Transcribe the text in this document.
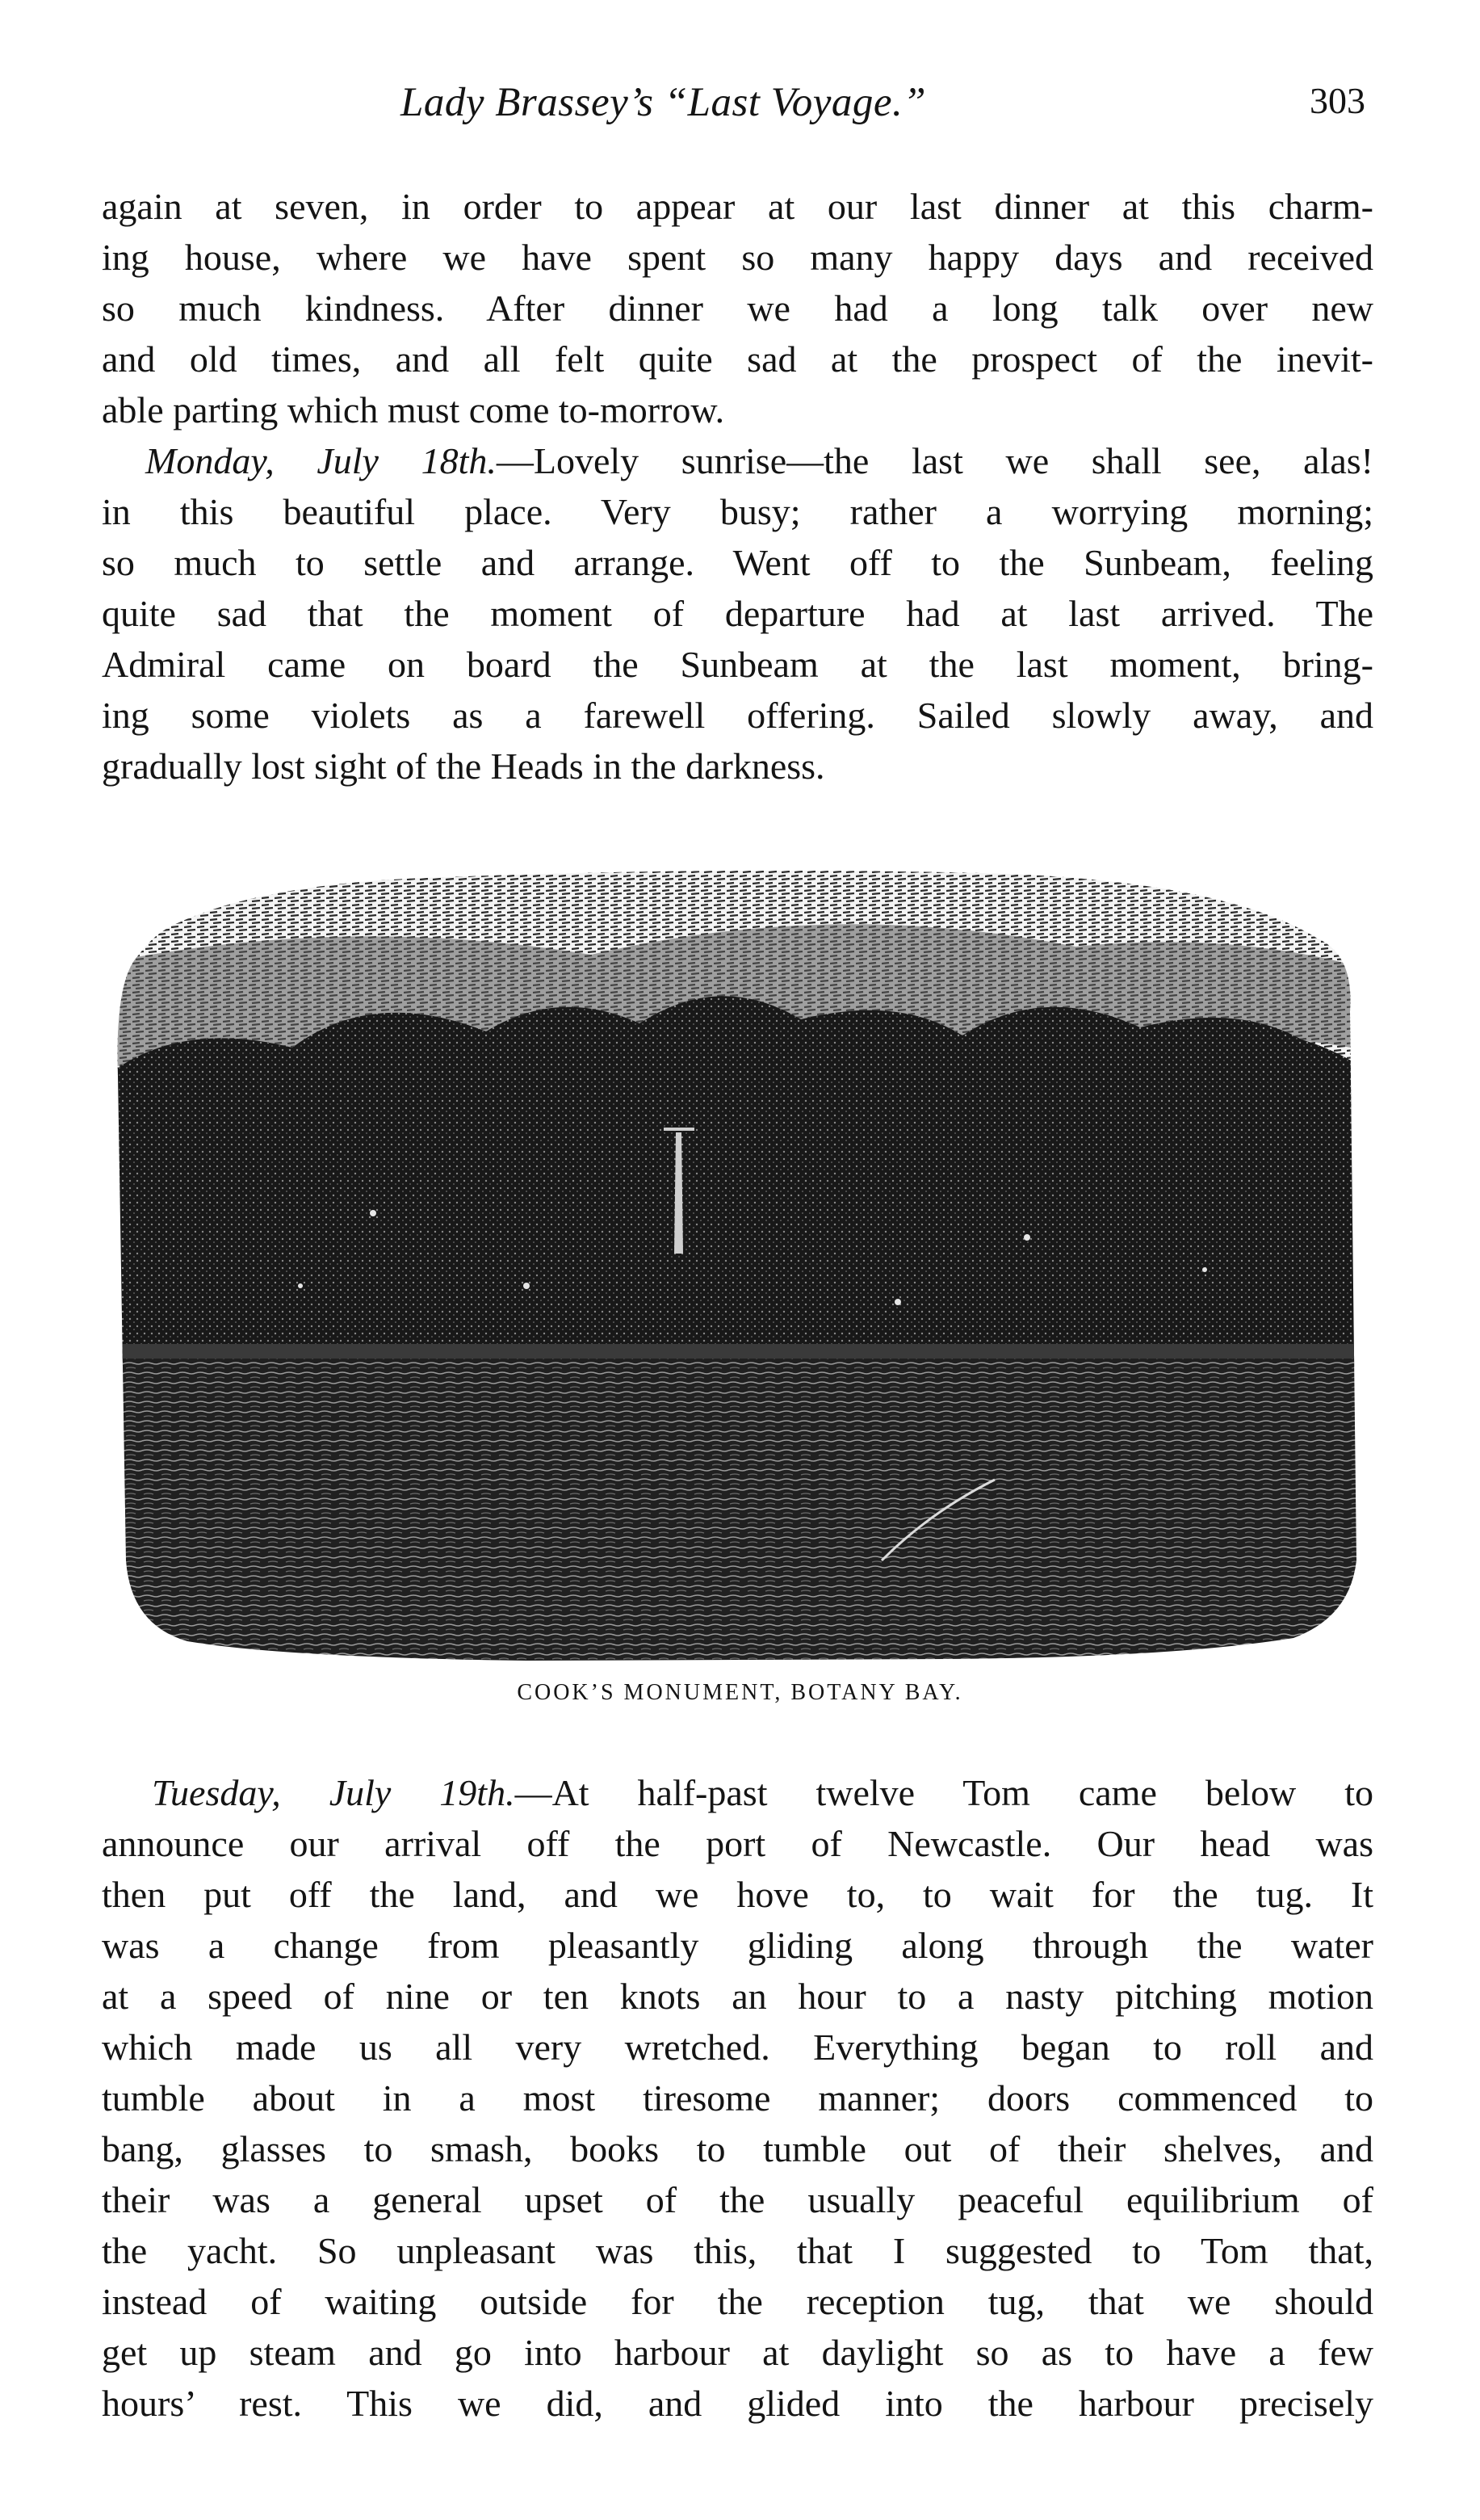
Lady Brassey’s “Last Voyage.”	303

again at seven, in order to appear at our last dinner at this charm-

ing house, where we have spent so many happy days and received

so much kindness. After dinner we had a long talk over new

and old times, and all felt quite sad at the prospect of the inevit-

able parting which must come to-morrow.

Monday, July 18th.—Lovely sunrise—the last we shall see, alas!

in this beautiful place. Very busy; rather a worrying morning;

so much to settle and arrange. Went off to the Sunbeam, feeling

quite sad that the moment of departure had at last arrived. The

Admiral came on board the Sunbeam at the last moment, bring-

ing some violets as a farewell offering. Sailed slowly away, and

gradually lost sight of the Heads in the darkness.

COOK’S MONUMENT, BOTANY BAY.

Tuesday, July 19th.—At half-past twelve Tom came below to

announce our arrival off the port of Newcastle. Our head was

then put off the land, and we hove to, to wait for the tug. It

was a change from pleasantly gliding along through the water

at a speed of nine or ten knots an hour to a nasty pitching motion

which made us all very wretched. Everything began to roll and

tumble about in a most tiresome manner; doors commenced to

bang, glasses to smash, books to tumble out of their shelves, and

their was a general upset of the usually peaceful equilibrium of

the yacht. So unpleasant was this, that I suggested to Tom that,

instead of waiting outside for the reception tug, that we should

get up steam and go into harbour at daylight so as to have a few

hours’ rest. This we did, and glided into the harbour precisely
